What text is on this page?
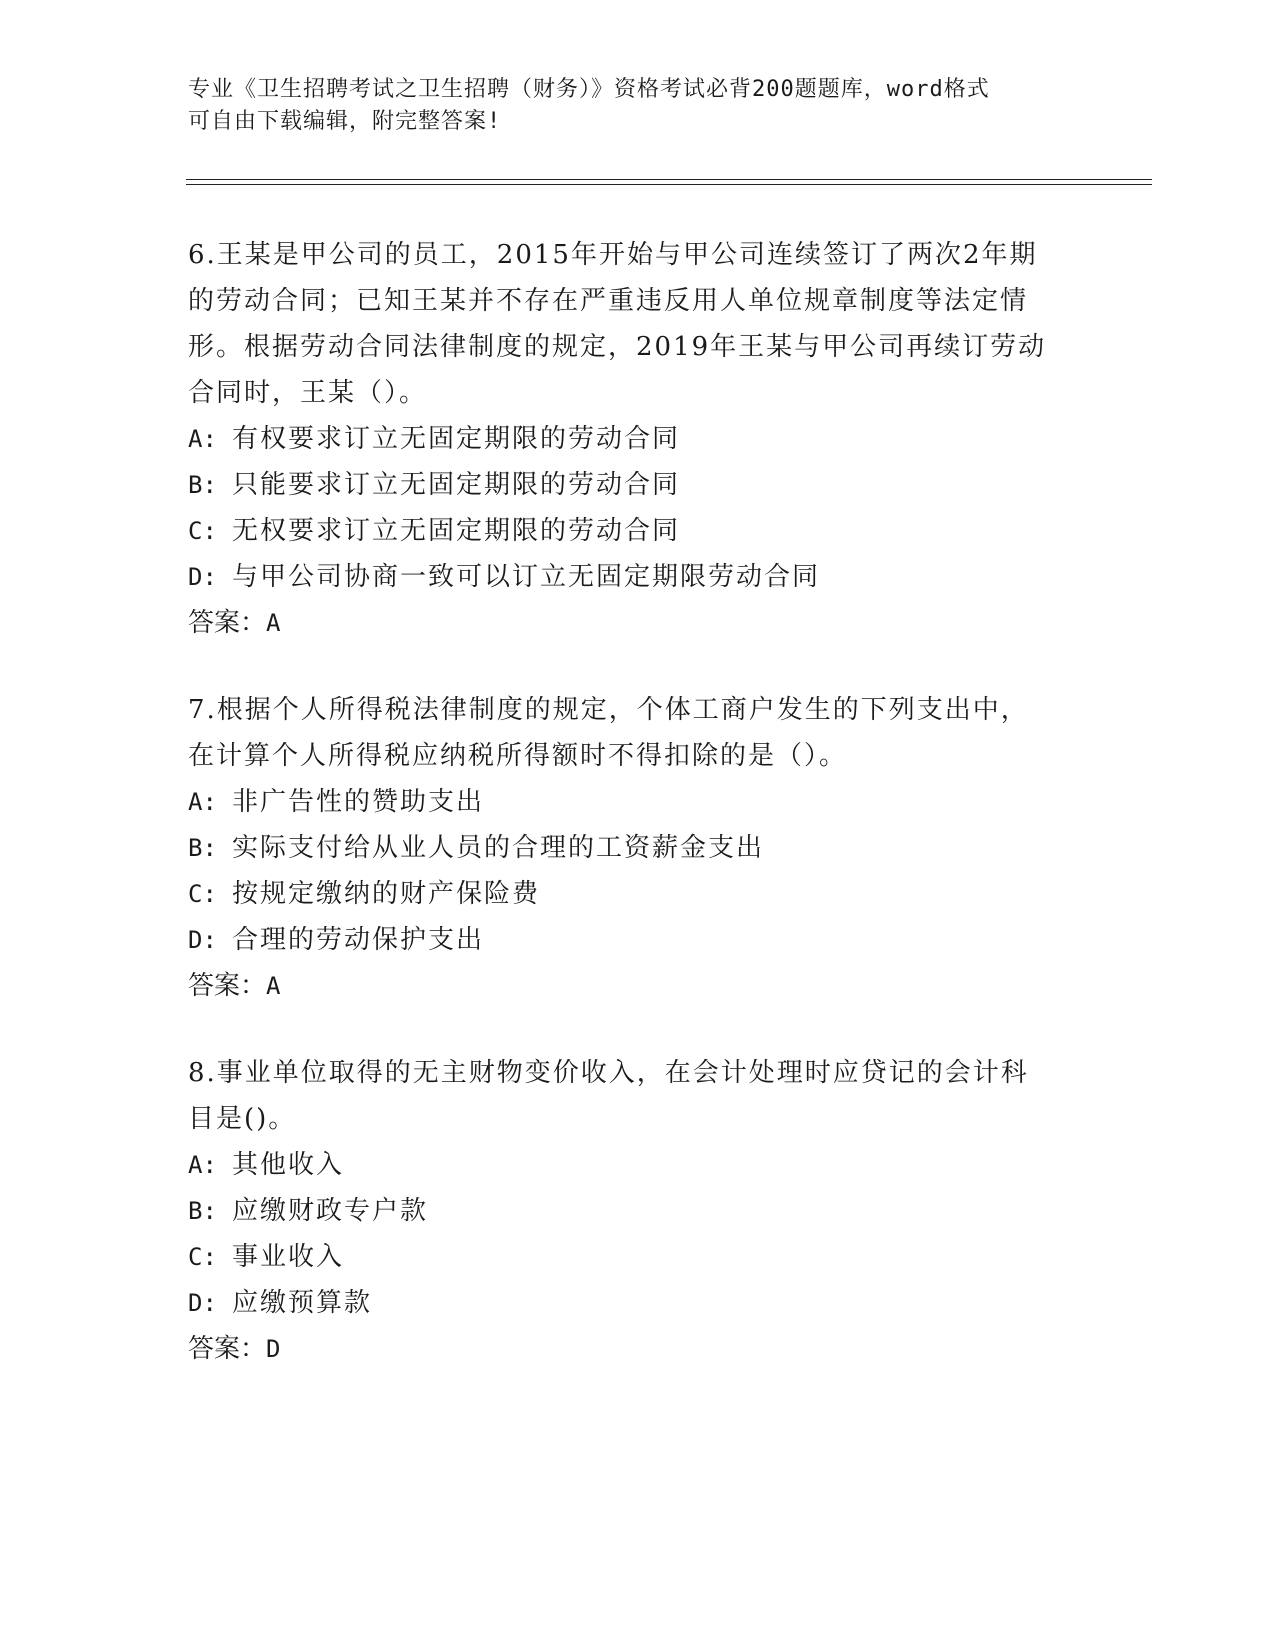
专业《卫生招聘考试之卫生招聘（财务）》资格考试必背200题题库，word格式
可自由下载编辑，附完整答案!

6.王某是甲公司的员工，2015年开始与甲公司连续签订了两次2年期

的劳动合同；已知王某并不存在严重违反用人单位规章制度等法定情

形。根据劳动合同法律制度的规定，2019年王某与甲公司再续订劳动

合同时，王某（）。

A: 有权要求订立无固定期限的劳动合同

B: 只能要求订立无固定期限的劳动合同

C: 无权要求订立无固定期限的劳动合同

D: 与甲公司协商一致可以订立无固定期限劳动合同

答案：A

7.根据个人所得税法律制度的规定，个体工商户发生的下列支出中，

在计算个人所得税应纳税所得额时不得扣除的是（）。

A: 非广告性的赞助支出

B: 实际支付给从业人员的合理的工资薪金支出

C: 按规定缴纳的财产保险费

D: 合理的劳动保护支出

答案：A

8.事业单位取得的无主财物变价收入，在会计处理时应贷记的会计科

目是()。

A: 其他收入

B: 应缴财政专户款

C: 事业收入

D: 应缴预算款

答案：D
